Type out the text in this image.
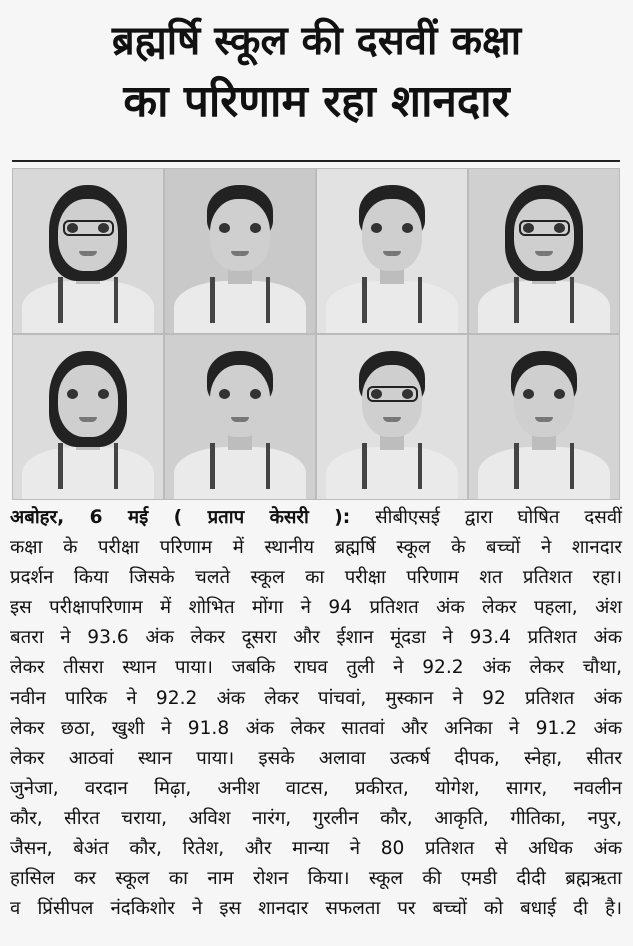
ब्रह्मर्षि स्कूल की दसवीं कक्षा
का परिणाम रहा शानदार
अबोहर, 6 मई ( प्रताप केसरी ): सीबीएसई द्वारा घोषित दसवीं
कक्षा के परीक्षा परिणाम में स्थानीय ब्रह्मर्षि स्कूल के बच्चों ने शानदार
प्रदर्शन किया जिसके चलते स्कूल का परीक्षा परिणाम शत प्रतिशत रहा।
इस परीक्षापरिणाम में शोभित मोंगा ने 94 प्रतिशत अंक लेकर पहला, अंश
बतरा ने 93.6 अंक लेकर दूसरा और ईशान मूंदडा ने 93.4 प्रतिशत अंक
लेकर तीसरा स्थान पाया। जबकि राघव तुली ने 92.2 अंक लेकर चौथा,
नवीन पारिक ने 92.2 अंक लेकर पांचवां, मुस्कान ने 92 प्रतिशत अंक
लेकर छठा, खुशी ने 91.8 अंक लेकर सातवां और अनिका ने 91.2 अंक
लेकर आठवां स्थान पाया। इसके अलावा उत्कर्ष दीपक, स्नेहा, सीतर
जुनेजा, वरदान मिढ़ा, अनीश वाटस, प्रकीरत, योगेश, सागर, नवलीन
कौर, सीरत चराया, अविश नारंग, गुरलीन कौर, आकृति, गीतिका, नपुर,
जैसन, बेअंत कौर, रितेश, और मान्या ने 80 प्रतिशत से अधिक अंक
हासिल कर स्कूल का नाम रोशन किया। स्कूल की एमडी दीदी ब्रह्मऋता
व प्रिंसीपल नंदकिशोर ने इस शानदार सफलता पर बच्चों को बधाई दी है।
